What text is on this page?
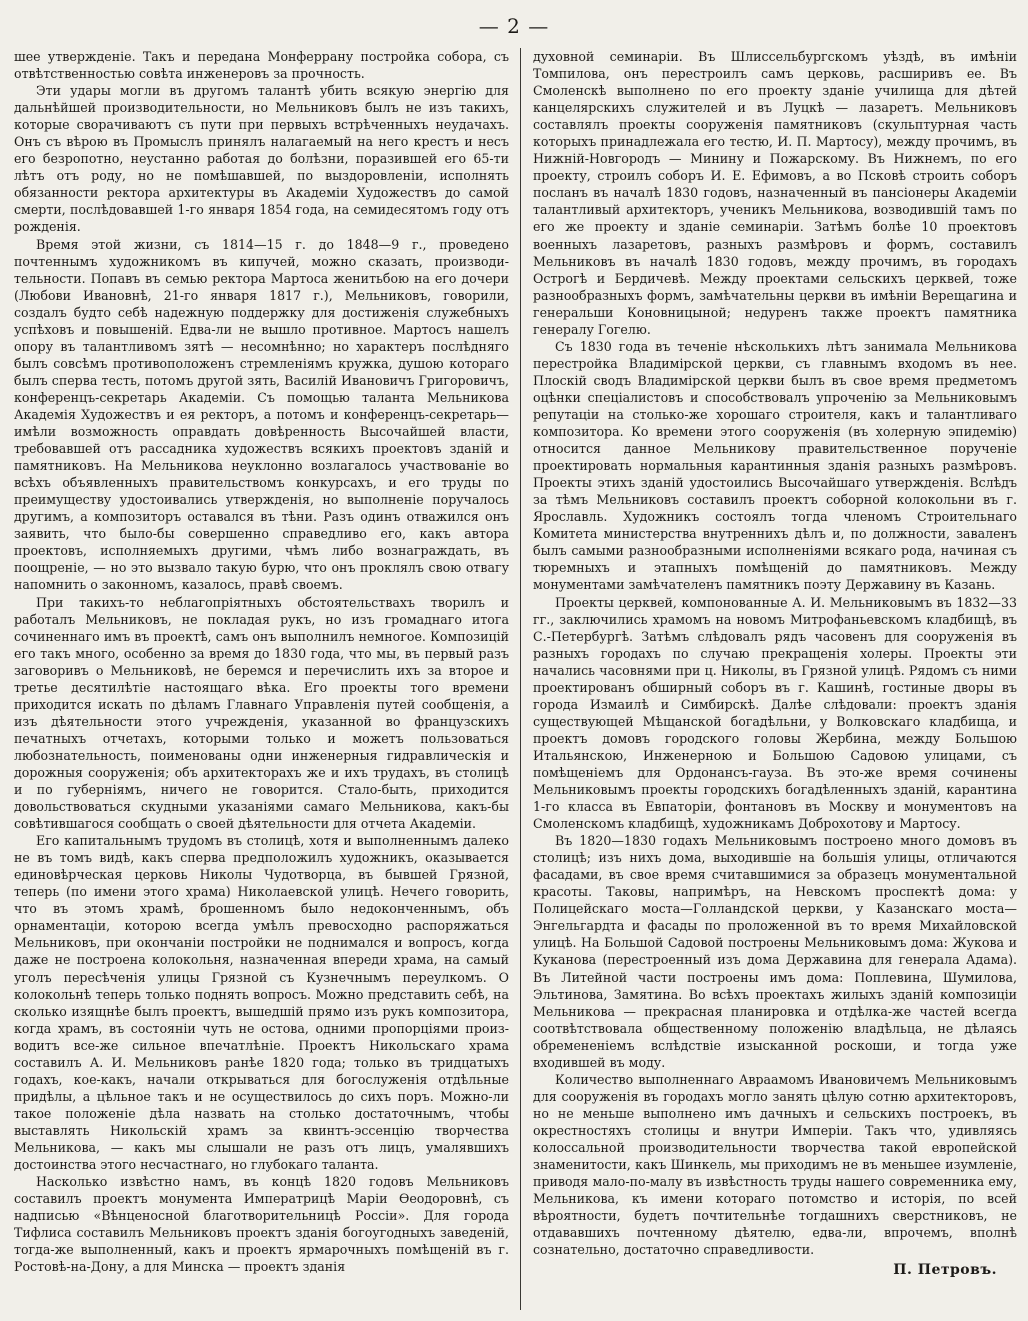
— 2 —

шее утвержденіе. Такъ и передана Монферрану постройка собора, съ отвѣтственностью совѣта инженеровъ за прочность.

Эти удары могли въ другомъ талантѣ убить всякую энергію для дальнѣйшей производительности, но Мельниковъ былъ не изъ такихъ, которые сворачиваютъ съ пути при первыхъ встрѣченныхъ неудачахъ. Онъ съ вѣрою въ Промыслъ принялъ налагаемый на него крестъ и несъ его безропотно, неустанно работая до болѣзни, поразившей его 65-ти лѣтъ отъ роду, но не помѣшавшей, по выздоровленіи, исполнять обязанности ректора архитектуры въ Академіи Художествъ до самой смерти, послѣдовавшей 1-го января 1854 года, на семидесятомъ году отъ рожденія.

Время этой жизни, съ 1814—15 г. до 1848—9 г., проведено почтеннымъ художникомъ въ кипучей, можно сказать, производительности. Попавъ въ семью ректора Мартоса женитьбою на его дочери (Любови Ивановнѣ, 21-го января 1817 г.), Мельниковъ, говорили, создалъ будто себѣ надежную поддержку для достиженія служебныхъ успѣховъ и повышеній. Едва-ли не вышло противное. Мартосъ нашелъ опору въ талантливомъ зятѣ — несомнѣнно; но характеръ послѣдняго былъ совсѣмъ противоположенъ стремленіямъ кружка, душою котораго былъ сперва тесть, потомъ другой зять, Василій Ивановичъ Григоровичъ, конференцъ-секретарь Академіи. Съ помощью таланта Мельникова Академія Художествъ и ея ректоръ, а потомъ и конференцъ-секретарь—имѣли возможность оправдать довѣренность Высочайшей власти, требовавшей отъ рассадника художествъ всякихъ проектовъ зданій и памятниковъ. На Мельникова неуклонно возлагалось участвованіе во всѣхъ объявленныхъ правительствомъ конкурсахъ, и его труды по преимуществу удостоивались утвержденія, но выполненіе поручалось другимъ, а композиторъ оставался въ тѣни. Разъ одинъ отважился онъ заявить, что было-бы совершенно справедливо его, какъ автора проектовъ, исполняемыхъ другими, чѣмъ либо вознаграждать, въ поощреніе, — но это вызвало такую бурю, что онъ проклялъ свою отвагу напомнить о законномъ, казалось, правѣ своемъ.

При такихъ-то неблагопріятныхъ обстоятельствахъ творилъ и работалъ Мельниковъ, не покладая рукъ, но изъ громаднаго итога сочиненнаго имъ въ проектѣ, самъ онъ выполнилъ немногое. Композицій его такъ много, особенно за время до 1830 года, что мы, въ первый разъ заговоривъ о Мельниковѣ, не беремся и перечислить ихъ за второе и третье десятилѣтіе настоящаго вѣка. Его проекты того времени приходится искать по дѣламъ Главнаго Управленія путей сообщенія, а изъ дѣятельности этого учрежденія, указанной во французскихъ печатныхъ отчетахъ, которыми только и можетъ пользоваться любознательность, поименованы одни инженерныя гидравлическія и дорожныя сооруженія; объ архитекторахъ же и ихъ трудахъ, въ столицѣ и по губерніямъ, ничего не говорится. Стало-быть, приходится довольствоваться скудными указаніями самаго Мельникова, какъ-бы совѣтившагося сообщать о своей дѣятельности для отчета Академіи.

Его капитальнымъ трудомъ въ столицѣ, хотя и выполненнымъ далеко не въ томъ видѣ, какъ сперва предположилъ художникъ, оказывается единовѣрческая церковь Николы Чудотворца, въ бывшей Грязной, теперь (по имени этого храма) Николаевской улицѣ. Нечего говорить, что въ этомъ храмѣ, брошенномъ было недоконченнымъ, объ орнаментаціи, которою всегда умѣлъ превосходно распоряжаться Мельниковъ, при окончаніи постройки не поднимался и вопросъ, когда даже не построена колокольня, назначенная впереди храма, на самый уголъ пересѣченія улицы Грязной съ Кузнечнымъ переулкомъ. О колокольнѣ теперь только поднять вопросъ. Можно представить себѣ, на сколько изящнѣе былъ проектъ, вышедшій прямо изъ рукъ композитора, когда храмъ, въ состояніи чуть не остова, одними пропорціями производитъ все-же сильное впечатлѣніе. Проектъ Никольскаго храма составилъ А. И. Мельниковъ ранѣе 1820 года; только въ тридцатыхъ годахъ, кое-какъ, начали открываться для богослуженія отдѣльные придѣлы, а цѣльное такъ и не осуществилось до сихъ поръ. Можно-ли такое положеніе дѣла назвать на столько достаточнымъ, чтобы выставлять Никольскій храмъ за квинтъ-эссенцію творчества Мельникова, — какъ мы слышали не разъ отъ лицъ, умалявшихъ достоинства этого несчастнаго, но глубокаго таланта.

Насколько извѣстно намъ, въ концѣ 1820 годовъ Мельниковъ составилъ проектъ монумента Императрицѣ Маріи Ѳеодоровнѣ, съ надписью «Вѣнценосной благотворительницѣ Россіи». Для города Тифлиса составилъ Мельниковъ проектъ зданія богоугодныхъ заведеній, тогда-же выполненный, какъ и проектъ ярмарочныхъ помѣщеній въ г. Ростовѣ-на-Дону, а для Минска — проектъ зданія

духовной семинаріи. Въ Шлиссельбургскомъ уѣздѣ, въ имѣніи Томпилова, онъ перестроилъ самъ церковь, расширивъ ее. Въ Смоленскѣ выполнено по его проекту зданіе училища для дѣтей канцелярскихъ служителей и въ Луцкѣ — лазаретъ. Мельниковъ составлялъ проекты сооруженія памятниковъ (скульптурная часть которыхъ принадлежала его тестю, И. П. Мартосу), между прочимъ, въ Нижній-Новгородъ — Минину и Пожарскому. Въ Нижнемъ, по его проекту, строилъ соборъ И. Е. Ефимовъ, а во Псковѣ строить соборъ посланъ въ началѣ 1830 годовъ, назначенный въ пансіонеры Академіи талантливый архитекторъ, ученикъ Мельникова, возводившій тамъ по его же проекту и зданіе семинаріи. Затѣмъ болѣе 10 проектовъ военныхъ лазаретовъ, разныхъ размѣровъ и формъ, составилъ Мельниковъ въ началѣ 1830 годовъ, между прочимъ, въ городахъ Острогѣ и Бердичевѣ. Между проектами сельскихъ церквей, тоже разнообразныхъ формъ, замѣчательны церкви въ имѣніи Верещагина и генеральши Коновницыной; недуренъ также проектъ памятника генералу Гогелю.

Съ 1830 года въ теченіе нѣсколькихъ лѣтъ занимала Мельникова перестройка Владимірской церкви, съ главнымъ входомъ въ нее. Плоскій сводъ Владимірской церкви былъ въ свое время предметомъ оцѣнки спеціалистовъ и способствовалъ упроченію за Мельниковымъ репутаціи на столько-же хорошаго строителя, какъ и талантливаго композитора. Ко времени этого сооруженія (въ холерную эпидемію) относится данное Мельникову правительственное порученіе проектировать нормальныя карантинныя зданія разныхъ размѣровъ. Проекты этихъ зданій удостоились Высочайшаго утвержденія. Вслѣдъ за тѣмъ Мельниковъ составилъ проектъ соборной колокольни въ г. Ярославль. Художникъ состоялъ тогда членомъ Строительнаго Комитета министерства внутреннихъ дѣлъ и, по должности, заваленъ былъ самыми разнообразными исполненіями всякаго рода, начиная съ тюремныхъ и этапныхъ помѣщеній до памятниковъ. Между монументами замѣчателенъ памятникъ поэту Державину въ Казань.

Проекты церквей, компонованные А. И. Мельниковымъ въ 1832—33 гг., заключились храмомъ на новомъ Митрофаньевскомъ кладбищѣ, въ С.-Петербургѣ. Затѣмъ слѣдовалъ рядъ часовенъ для сооруженія въ разныхъ городахъ по случаю прекращенія холеры. Проекты эти начались часовнями при ц. Николы, въ Грязной улицѣ. Рядомъ съ ними проектированъ обширный соборъ въ г. Кашинѣ, гостиные дворы въ города Измаилѣ и Симбирскѣ. Далѣе слѣдовали: проектъ зданія существующей Мѣщанской богадѣльни, у Волковскаго кладбища, и проектъ домовъ городского головы Жербина, между Большою Итальянскою, Инженерною и Большою Садовою улицами, съ помѣщеніемъ для Ордонансъ-гауза. Въ это-же время сочинены Мельниковымъ проекты городскихъ богадѣленныхъ зданій, карантина 1-го класса въ Евпаторіи, фонтановъ въ Москву и монументовъ на Смоленскомъ кладбищѣ, художникамъ Доброхотову и Мартосу.

Въ 1820—1830 годахъ Мельниковымъ построено много домовъ въ столицѣ; изъ нихъ дома, выходившіе на большія улицы, отличаются фасадами, въ свое время считавшимися за образецъ монументальной красоты. Таковы, напримѣръ, на Невскомъ проспектѣ дома: у Полицейскаго моста—Голландской церкви, у Казанскаго моста—Энгельгардта и фасады по проложенной въ то время Михайловской улицѣ. На Большой Садовой построены Мельниковымъ дома: Жукова и Куканова (перестроенный изъ дома Державина для генерала Адама). Въ Литейной части построены имъ дома: Поплевина, Шумилова, Эльтинова, Замятина. Во всѣхъ проектахъ жилыхъ зданій композиціи Мельникова — прекрасная планировка и отдѣлка-же частей всегда соотвѣтствовала общественному положенію владѣльца, не дѣлаясь обремененіемъ вслѣдствіе изысканной роскоши, и тогда уже входившей въ моду.

Количество выполненнаго Авраамомъ Ивановичемъ Мельниковымъ для сооруженія въ городахъ могло занять цѣлую сотню архитекторовъ, но не меньше выполнено имъ дачныхъ и сельскихъ построекъ, въ окрестностяхъ столицы и внутри Имперіи. Такъ что, удивляясь колоссальной производительности творчества такой европейской знаменитости, какъ Шинкель, мы приходимъ не въ меньшее изумленіе, приводя мало-по-малу въ извѣстность труды нашего современника ему, Мельникова, къ имени котораго потомство и исторія, по всей вѣроятности, будетъ почтительнѣе тогдашнихъ сверстниковъ, не отдававшихъ почтенному дѣятелю, едва-ли, впрочемъ, вполнѣ сознательно, достаточно справедливости.

П. Петровъ.
